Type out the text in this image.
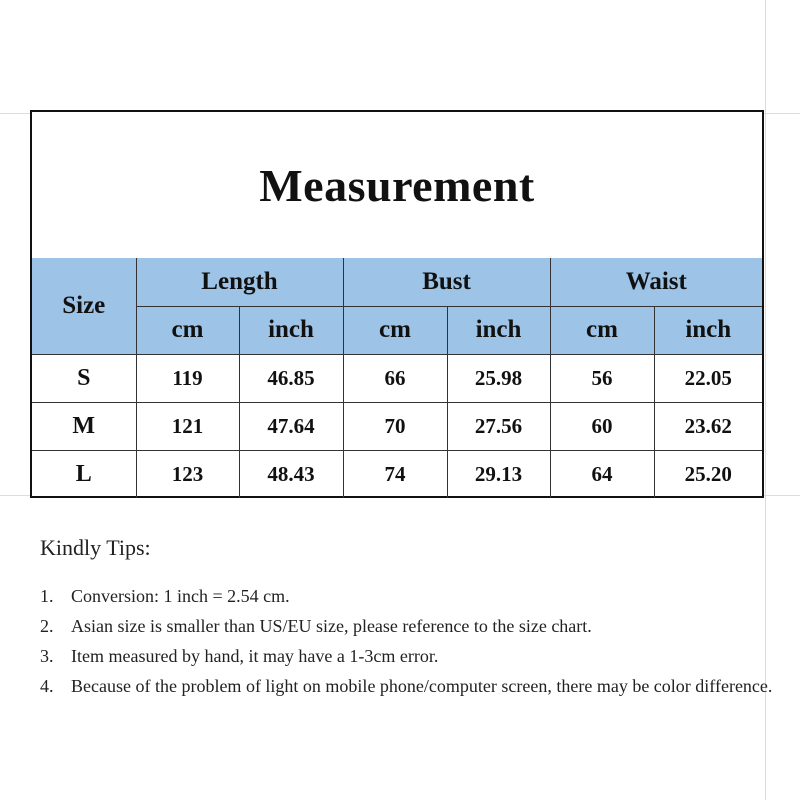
Measurement
Size	Length		Bust		Waist	
	cm	inch	cm	inch	cm	inch
S	119	46.85	66	25.98	56	22.05
M	121	47.64	70	27.56	60	23.62
L	123	48.43	74	29.13	64	25.20
Kindly Tips:
1. Conversion: 1 inch = 2.54 cm.
2. Asian size is smaller than US/EU size, please reference to the size chart.
3. Item measured by hand, it may have a 1-3cm error.
4. Because of the problem of light on mobile phone/computer screen, there may be color difference.
